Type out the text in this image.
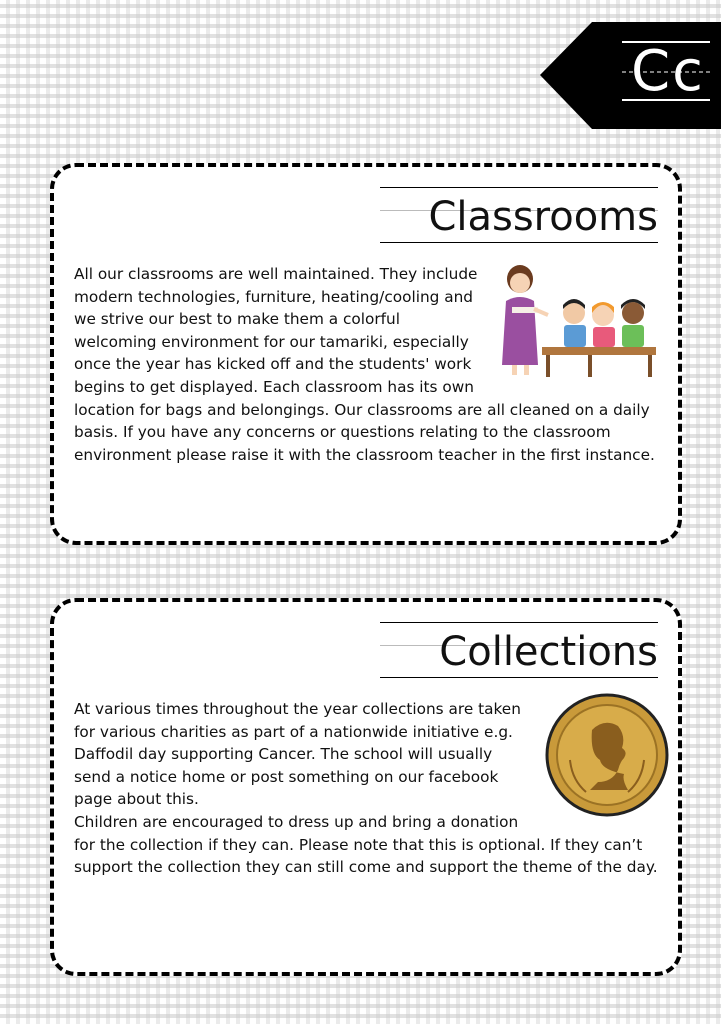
Cc
Classrooms

All our classrooms are well maintained. They include modern technologies, furniture, heating/cooling and we strive our best to make them a colorful welcoming environment for our tamariki, especially once the year has kicked off and the students' work begins to get displayed. Each classroom has its own location for bags and belongings. Our classrooms are all cleaned on a daily basis. If you have any concerns or questions relating to the classroom environment please raise it with the classroom teacher in the first instance.

Collections

At various times throughout the year collections are taken for various charities as part of a nationwide initiative e.g. Daffodil day supporting Cancer. The school will usually send a notice home or post something on our facebook page about this.

Children are encouraged to dress up and bring a donation for the collection if they can. Please note that this is optional. If they can’t support the collection they can still come and support the theme of the day.
